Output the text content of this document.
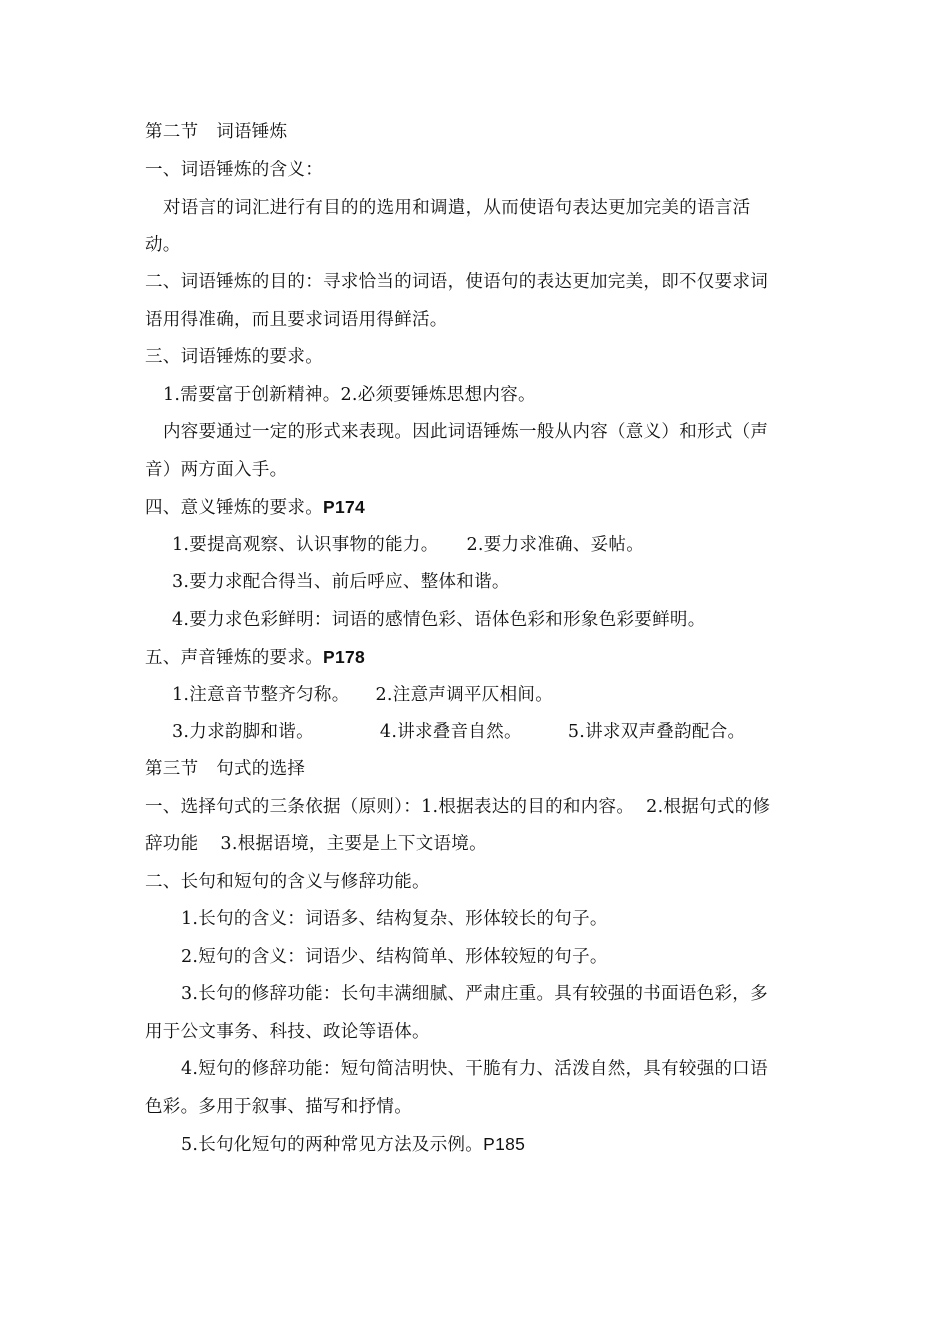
第二节　词语锤炼
一、词语锤炼的含义：
对语言的词汇进行有目的的选用和调遣，从而使语句表达更加完美的语言活
动。
二、词语锤炼的目的：寻求恰当的词语，使语句的表达更加完美，即不仅要求词
语用得准确，而且要求词语用得鲜活。
三、词语锤炼的要求。
1.需要富于创新精神。2.必须要锤炼思想内容。
内容要通过一定的形式来表现。因此词语锤炼一般从内容（意义）和形式（声
音）两方面入手。
四、意义锤炼的要求。P174
1.要提高观察、认识事物的能力。 2.要力求准确、妥帖。
3.要力求配合得当、前后呼应、整体和谐。
4.要力求色彩鲜明：词语的感情色彩、语体色彩和形象色彩要鲜明。
五、声音锤炼的要求。P178
1.注意音节整齐匀称。 2.注意声调平仄相间。
3.力求韵脚和谐。	4.讲求叠音自然。	5.讲求双声叠韵配合。
第三节　句式的选择
一、选择句式的三条依据（原则）：1.根据表达的目的和内容。 2.根据句式的修
辞功能 3.根据语境，主要是上下文语境。
二、长句和短句的含义与修辞功能。
1.长句的含义：词语多、结构复杂、形体较长的句子。
2.短句的含义：词语少、结构简单、形体较短的句子。
3.长句的修辞功能：长句丰满细腻、严肃庄重。具有较强的书面语色彩，多
用于公文事务、科技、政论等语体。
4.短句的修辞功能：短句简洁明快、干脆有力、活泼自然，具有较强的口语
色彩。多用于叙事、描写和抒情。
5.长句化短句的两种常见方法及示例。P185
